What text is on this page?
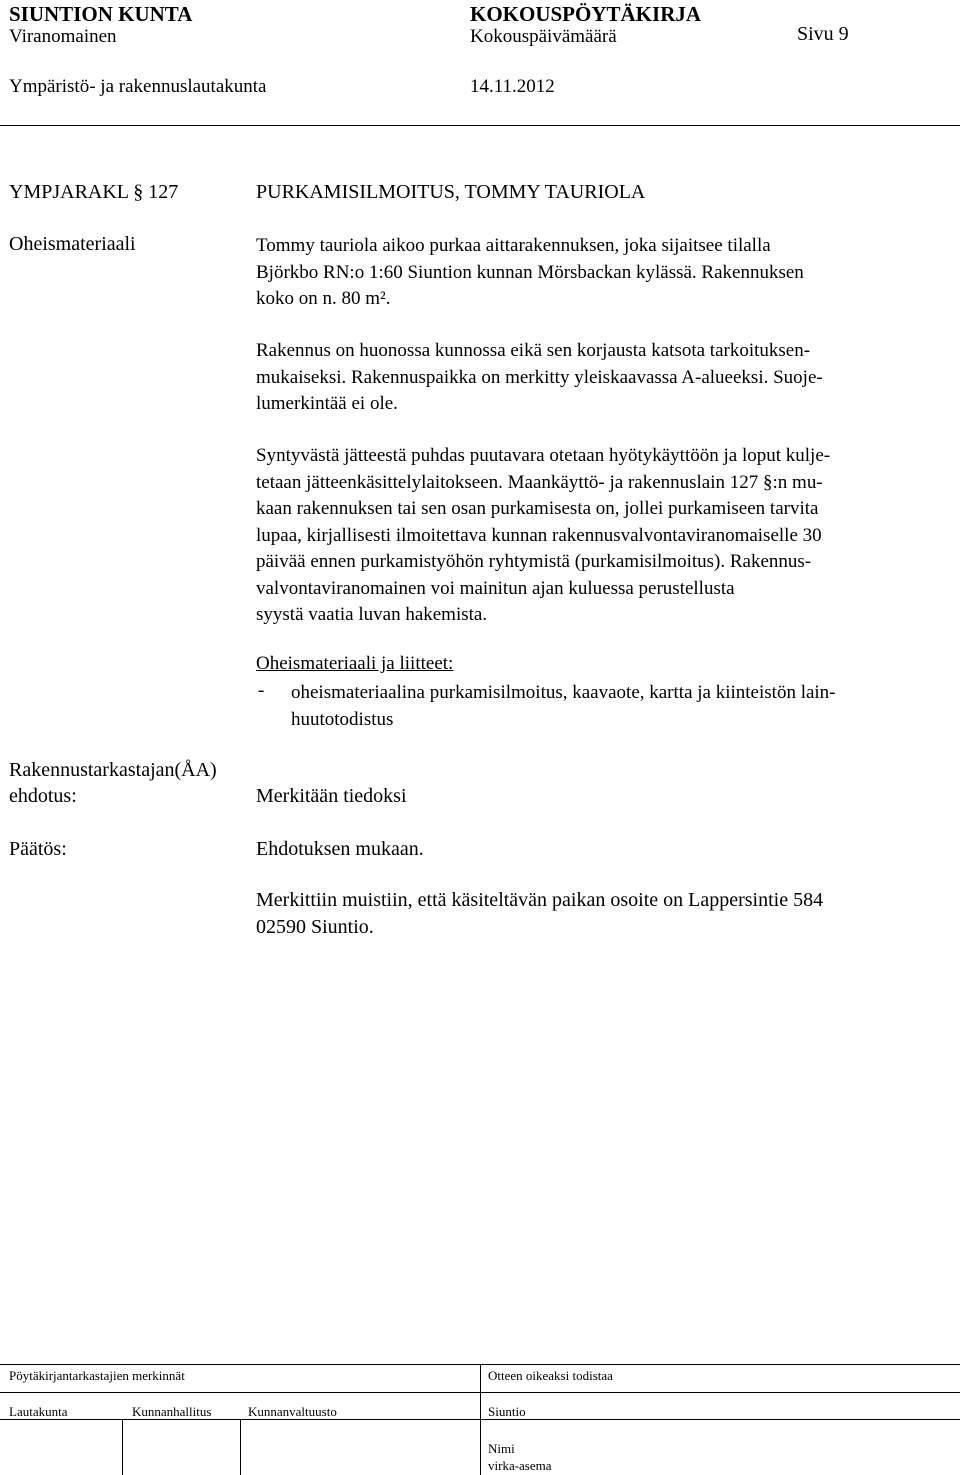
SIUNTION KUNTA	KOKOUSPÖYTÄKIRJA
Viranomainen	Kokouspäivämäärä	Sivu 9
Ympäristö- ja rakennuslautakunta	14.11.2012
YMPJARAKL § 127	PURKAMISILMOITUS, TOMMY TAURIOLA
Oheismateriaali	Tommy tauriola aikoo purkaa aittarakennuksen, joka sijaitsee tilalla
Björkbo RN:o 1:60 Siuntion kunnan Mörsbackan kylässä. Rakennuksen
koko on n. 80 m².
Rakennus on huonossa kunnossa eikä sen korjausta katsota tarkoituksen-
mukaiseksi. Rakennuspaikka on merkitty yleiskaavassa A-alueeksi. Suoje-
lumerkintää ei ole.
Syntyvästä jätteestä puhdas puutavara otetaan hyötykäyttöön ja loput kulje-
tetaan jätteenkäsittelylaitokseen. Maankäyttö- ja rakennuslain 127 §:n mu-
kaan rakennuksen tai sen osan purkamisesta on, jollei purkamiseen tarvita
lupaa, kirjallisesti ilmoitettava kunnan rakennusvalvontaviranomaiselle 30
päivää ennen purkamistyöhön ryhtymistä (purkamisilmoitus). Rakennus-
valvontaviranomainen voi mainitun ajan kuluessa perustellusta
syystä vaatia luvan hakemista.
Oheismateriaali ja liitteet:
- oheismateriaalina purkamisilmoitus, kaavaote, kartta ja kiinteistön lain-
huutotodistus
Rakennustarkastajan(ÅA)
ehdotus:	Merkitään tiedoksi
Päätös:	Ehdotuksen mukaan.
Merkittiin muistiin, että käsiteltävän paikan osoite on Lappersintie 584
02590 Siuntio.
Pöytäkirjantarkastajien merkinnät	Otteen oikeaksi todistaa
Lautakunta	Kunnanhallitus	Kunnanvaltuusto	Siuntio
Nimi
virka-asema
